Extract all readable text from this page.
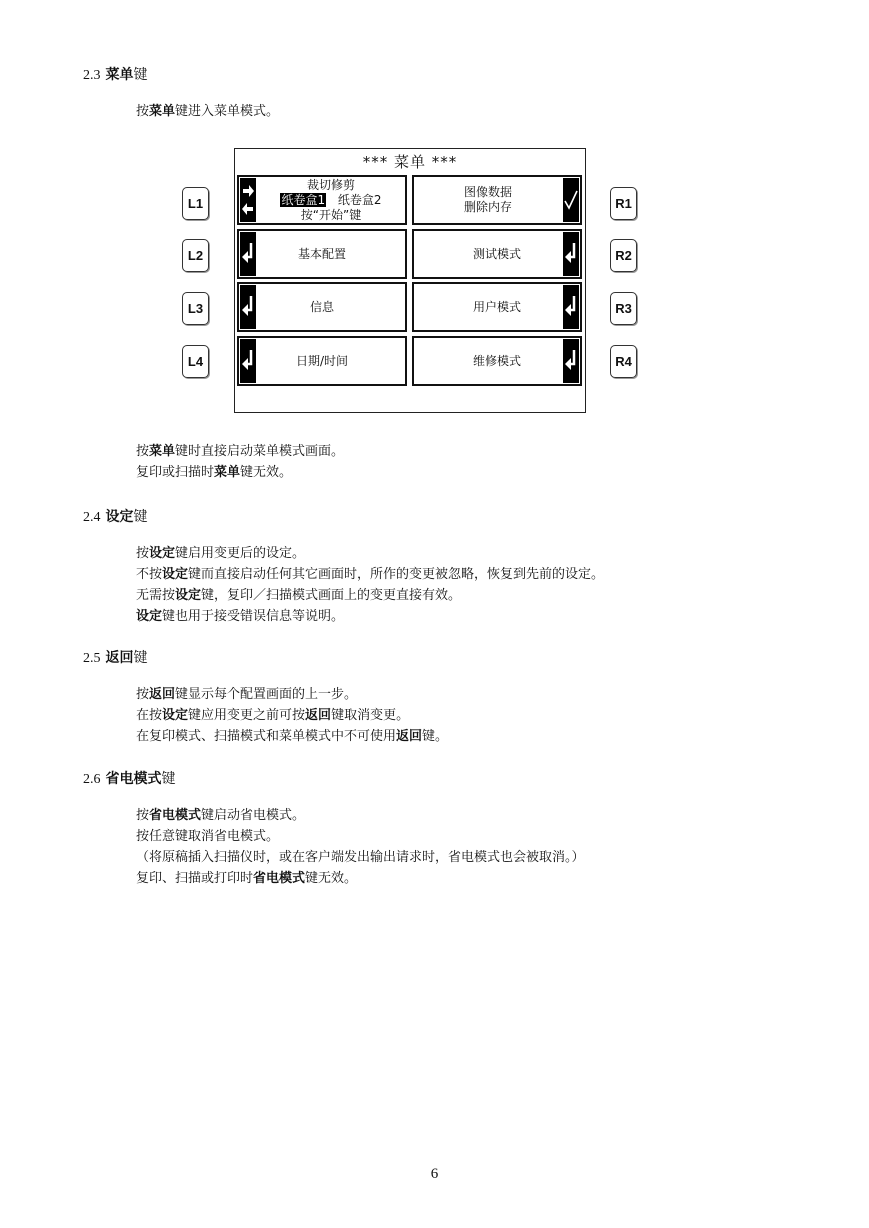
2.3 菜单键
按菜单键进入菜单模式。
L1
L2
L3
L4
R1
R2
R3
R4
*** 菜单 ***
裁切修剪
纸卷盒1 纸卷盒2
按“开始”键
图像数据
删除内存
基本配置	测试模式
信息	用户模式
日期/时间	维修模式
按菜单键时直接启动菜单模式画面。
复印或扫描时菜单键无效。
2.4 设定键
按设定键启用变更后的设定。
不按设定键而直接启动任何其它画面时，所作的变更被忽略，恢复到先前的设定。
无需按设定键，复印／扫描模式画面上的变更直接有效。
设定键也用于接受错误信息等说明。
2.5 返回键
按返回键显示每个配置画面的上一步。
在按设定键应用变更之前可按返回键取消变更。
在复印模式、扫描模式和菜单模式中不可使用返回键。
2.6 省电模式键
按省电模式键启动省电模式。
按任意键取消省电模式。
（将原稿插入扫描仪时，或在客户端发出输出请求时，省电模式也会被取消。）
复印、扫描或打印时省电模式键无效。
6
